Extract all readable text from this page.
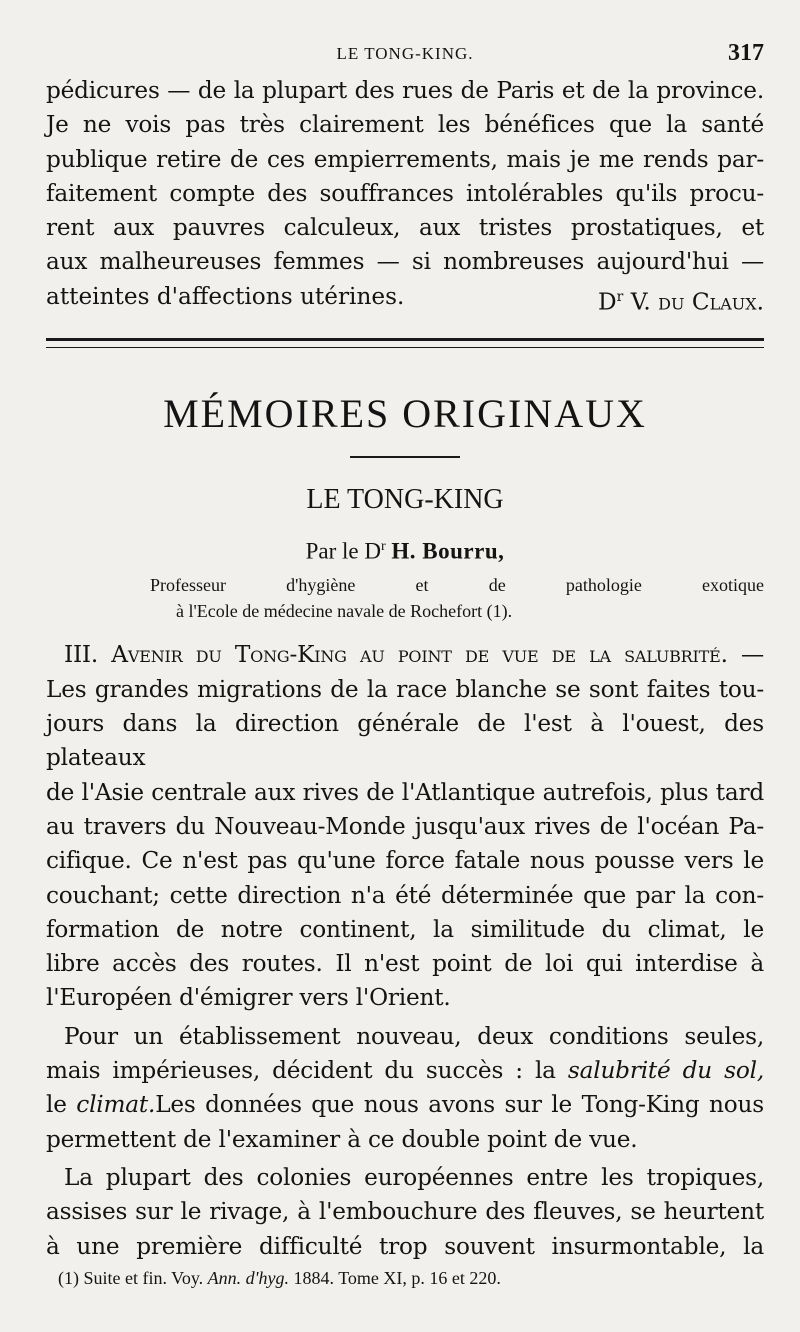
LE TONG-KING.	317

pédicures — de la plupart des rues de Paris et de la province.
Je ne vois pas très clairement les bénéfices que la santé
publique retire de ces empierrements, mais je me rends par-
faitement compte des souffrances intolérables qu'ils procu-
rent aux pauvres calculeux, aux tristes prostatiques, et
aux malheureuses femmes — si nombreuses aujourd'hui —

atteintes d'affections utérines.	$D^r$ V. du Claux.
MÉMOIRES ORIGINAUX
LE TONG-KING
Par le $D^r$ H. Bourru,
Professeur d'hygiène et de pathologie exotique
à l'Ecole de médecine navale de Rochefort (1).

III. Avenir du Tong-King au point de vue de la salubrité. —
Les grandes migrations de la race blanche se sont faites tou-
jours dans la direction générale de l'est à l'ouest, des plateaux
de l'Asie centrale aux rives de l'Atlantique autrefois, plus tard
au travers du Nouveau-Monde jusqu'aux rives de l'océan Pa-
cifique. Ce n'est pas qu'une force fatale nous pousse vers le
couchant; cette direction n'a été déterminée que par la con-
formation de notre continent, la similitude du climat, le
libre accès des routes. Il n'est point de loi qui interdise à
l'Européen d'émigrer vers l'Orient.

Pour un établissement nouveau, deux conditions seules,
mais impérieuses, décident du succès : la salubrité du sol,
le climat.Les données que nous avons sur le Tong-King nous
permettent de l'examiner à ce double point de vue.

La plupart des colonies européennes entre les tropiques,
assises sur le rivage, à l'embouchure des fleuves, se heurtent
à une première difficulté trop souvent insurmontable, la

(1) Suite et fin. Voy. Ann. d'hyg. 1884. Tome XI, p. 16 et 220.
